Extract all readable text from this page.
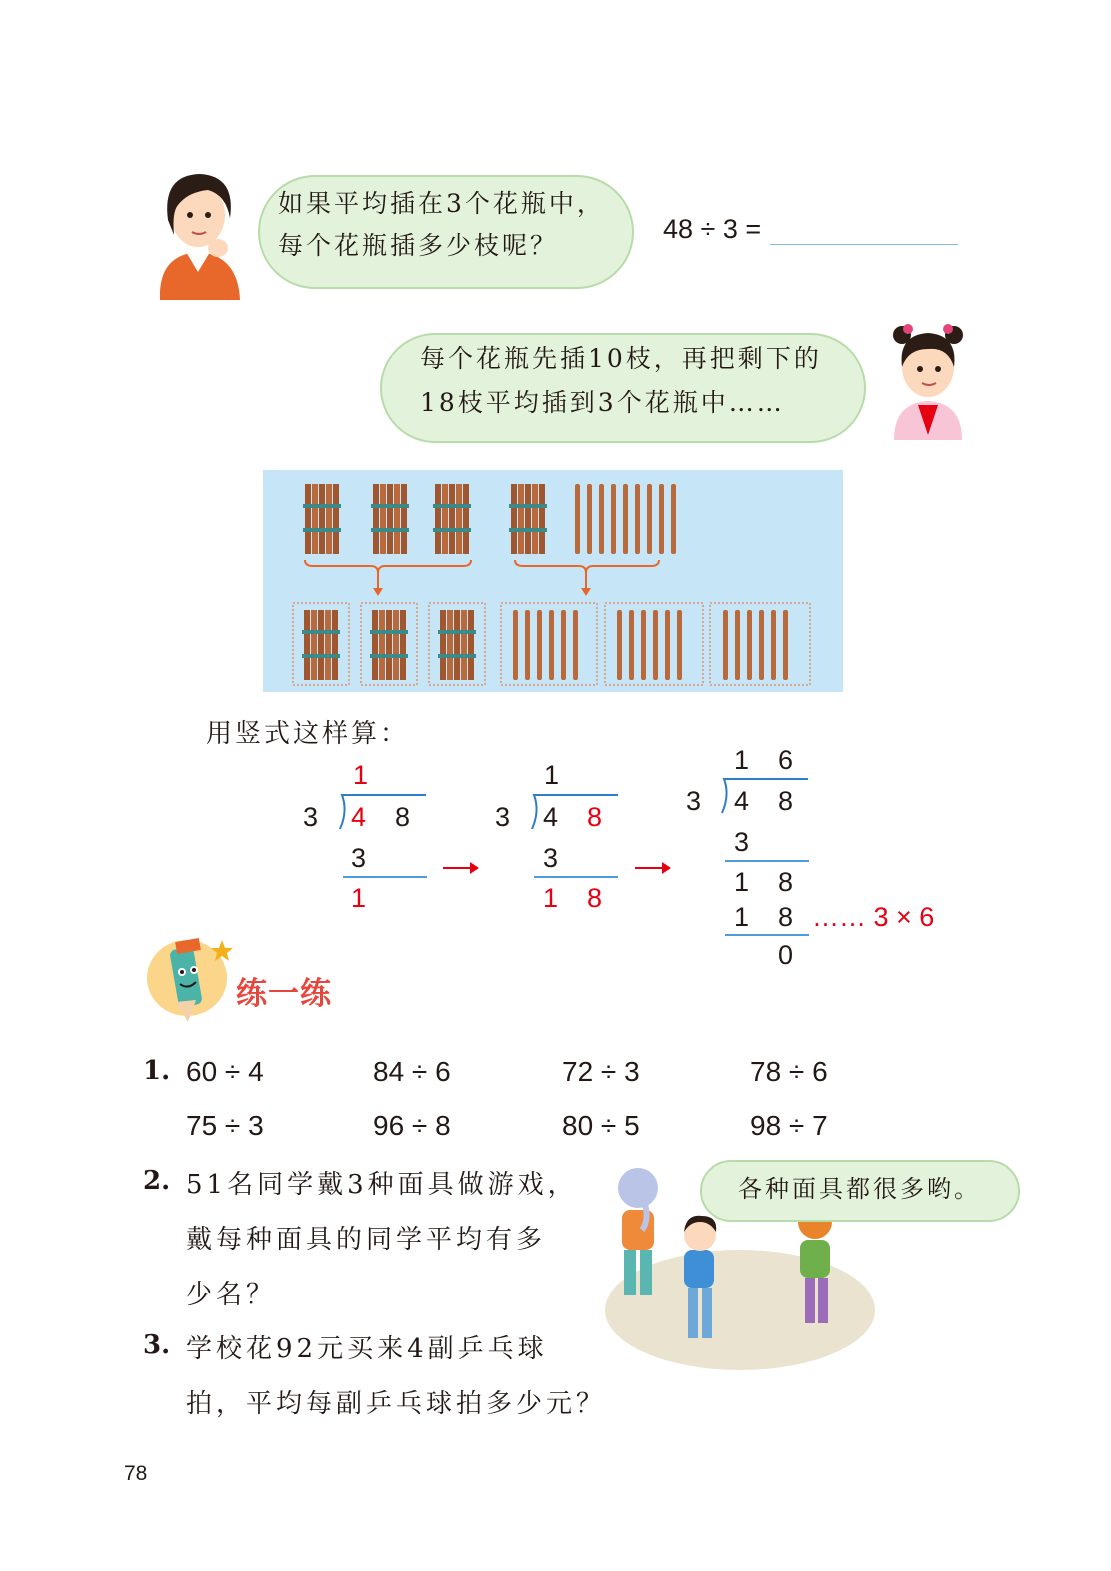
如果平均插在3个花瓶中，
每个花瓶插多少枝呢？
48 ÷ 3 =
每个花瓶先插10枝，再把剩下的
18枝平均插到3个花瓶中……
用竖式这样算：
1
3 4 8
3
1
1
3 4 8
3
1 8
1 6
3 4 8
3
1 8
1 8
0
…… 3 × 6
练一练
1. 60 ÷ 4	84 ÷ 6	72 ÷ 3	78 ÷ 6
75 ÷ 3	96 ÷ 8	80 ÷ 5	98 ÷ 7
2. 51名同学戴3种面具做游戏，
戴每种面具的同学平均有多
少名？
3. 学校花92元买来4副乒乓球
拍，平均每副乒乓球拍多少元？
各种面具都很多哟。
78
